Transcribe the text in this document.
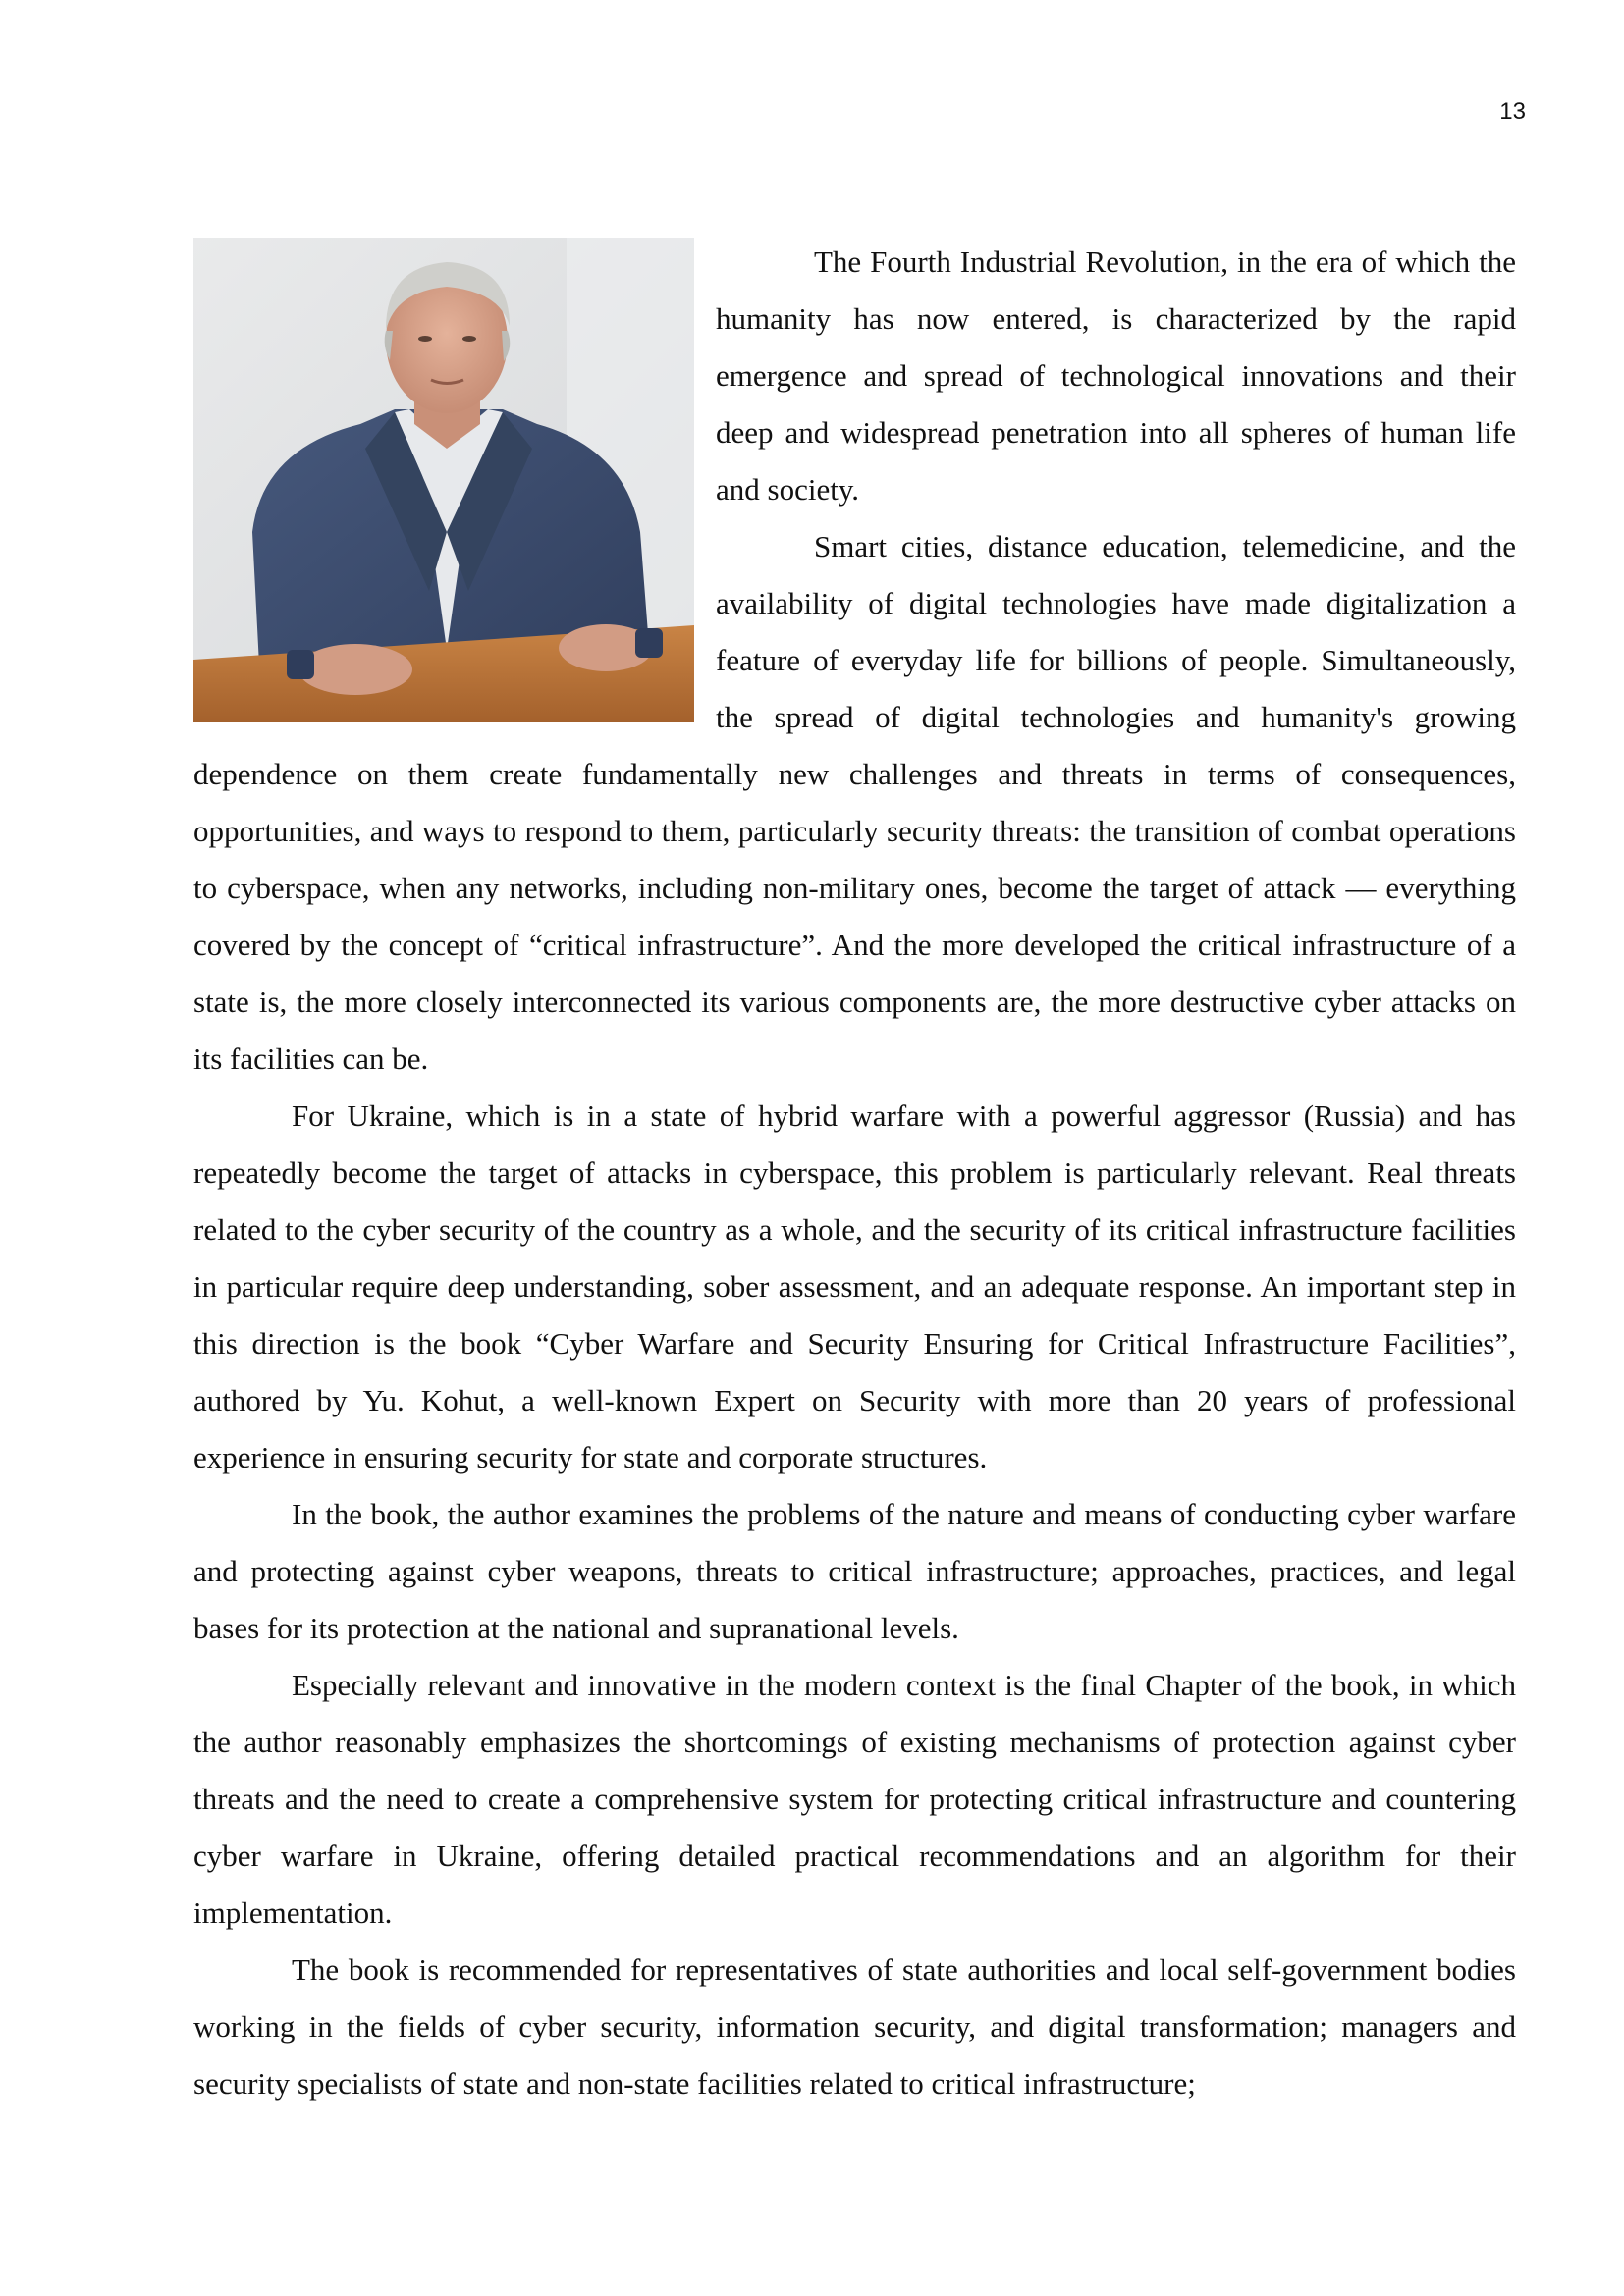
13

The Fourth Industrial Revolution, in the era of which the humanity has now entered, is characterized by the rapid emergence and spread of technological innovations and their deep and widespread penetration into all spheres of human life and society.

Smart cities, distance education, telemedicine, and the availability of digital technologies have made digitalization a feature of everyday life for billions of people. Simultaneously, the spread of digital technologies and humanity's growing dependence on them create fundamentally new challenges and threats in terms of consequences, opportunities, and ways to respond to them, particularly security threats: the transition of combat operations to cyberspace, when any networks, including non-military ones, become the target of attack — everything covered by the concept of “critical infrastructure”. And the more developed the critical infrastructure of a state is, the more closely interconnected its various components are, the more destructive cyber attacks on its facilities can be.

For Ukraine, which is in a state of hybrid warfare with a powerful aggressor (Russia) and has repeatedly become the target of attacks in cyberspace, this problem is particularly relevant. Real threats related to the cyber security of the country as a whole, and the security of its critical infrastructure facilities in particular require deep understanding, sober assessment, and an adequate response. An important step in this direction is the book “Cyber Warfare and Security Ensuring for Critical Infrastructure Facilities”, authored by Yu. Kohut, a well-known Expert on Security with more than 20 years of professional experience in ensuring security for state and corporate structures.

In the book, the author examines the problems of the nature and means of conducting cyber warfare and protecting against cyber weapons, threats to critical infrastructure; approaches, practices, and legal bases for its protection at the national and supranational levels.

Especially relevant and innovative in the modern context is the final Chapter of the book, in which the author reasonably emphasizes the shortcomings of existing mechanisms of protection against cyber threats and the need to create a comprehensive system for protecting critical infrastructure and countering cyber warfare in Ukraine, offering detailed practical recommendations and an algorithm for their implementation.

The book is recommended for representatives of state authorities and local self-government bodies working in the fields of cyber security, information security, and digital transformation; managers and security specialists of state and non-state facilities related to critical infrastructure;
